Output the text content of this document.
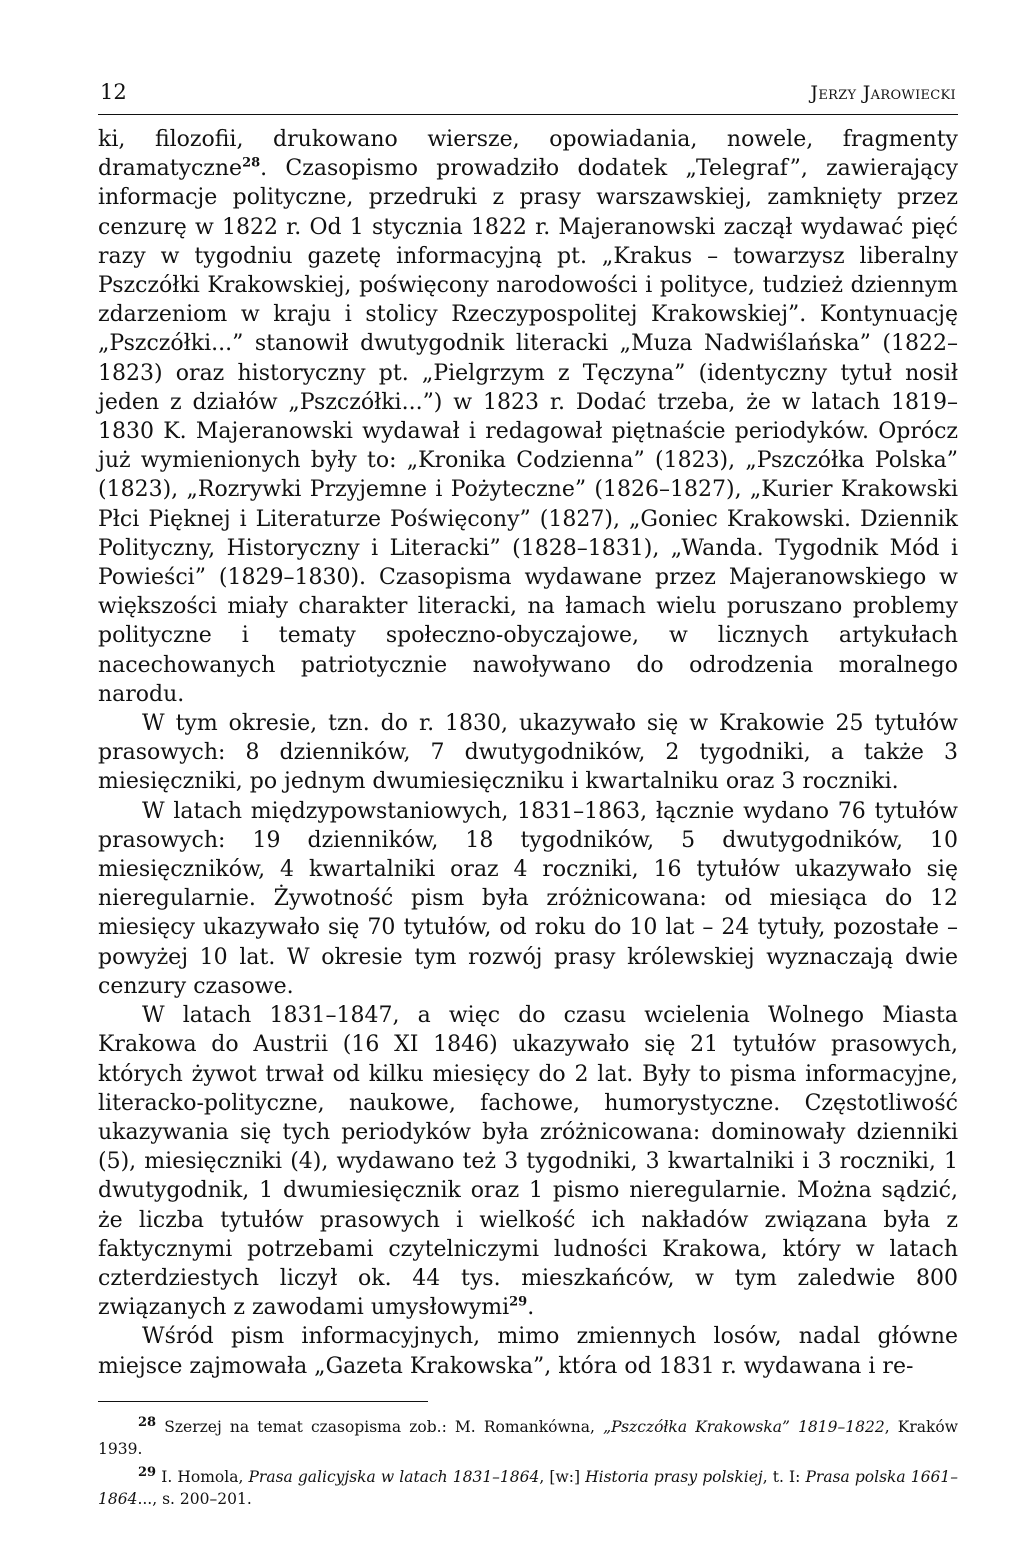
12	Jerzy Jarowiecki

ki, filozofii, drukowano wiersze, opowiadania, nowele, fragmenty dramatyczne$^{28}$. Czasopismo prowadziło dodatek „Telegraf”, zawierający informacje polityczne, przedruki z prasy warszawskiej, zamknięty przez cenzurę w 1822 r. Od 1 stycznia 1822 r. Majeranowski zaczął wydawać pięć razy w tygodniu gazetę informacyjną pt. „Krakus – towarzysz liberalny Pszczółki Krakowskiej, poświęcony narodowości i polityce, tudzież dziennym zdarzeniom w kraju i stolicy Rzeczypospolitej Krakowskiej”. Kontynuację „Pszczółki...” stanowił dwutygodnik literacki „Muza Nadwiślańska” (1822–1823) oraz historyczny pt. „Pielgrzym z Tęczyna” (identyczny tytuł nosił jeden z działów „Pszczółki...”) w 1823 r. Dodać trzeba, że w latach 1819–1830 K. Majeranowski wydawał i redagował piętnaście periodyków. Oprócz już wymienionych były to: „Kronika Codzienna” (1823), „Pszczółka Polska” (1823), „Rozrywki Przyjemne i Pożyteczne” (1826–1827), „Kurier Krakowski Płci Pięknej i Literaturze Poświęcony” (1827), „Goniec Krakowski. Dziennik Polityczny, Historyczny i Literacki” (1828–1831), „Wanda. Tygodnik Mód i Powieści” (1829–1830). Czasopisma wydawane przez Majeranowskiego w większości miały charakter literacki, na łamach wielu poruszano problemy polityczne i tematy społeczno-obyczajowe, w licznych artykułach nacechowanych patriotycznie nawoływano do odrodzenia moralnego narodu.

W tym okresie, tzn. do r. 1830, ukazywało się w Krakowie 25 tytułów prasowych: 8 dzienników, 7 dwutygodników, 2 tygodniki, a także 3 miesięczniki, po jednym dwumiesięczniku i kwartalniku oraz 3 roczniki.

W latach międzypowstaniowych, 1831–1863, łącznie wydano 76 tytułów prasowych: 19 dzienników, 18 tygodników, 5 dwutygodników, 10 miesięczników, 4 kwartalniki oraz 4 roczniki, 16 tytułów ukazywało się nieregularnie. Żywotność pism była zróżnicowana: od miesiąca do 12 miesięcy ukazywało się 70 tytułów, od roku do 10 lat – 24 tytuły, pozostałe – powyżej 10 lat. W okresie tym rozwój prasy królewskiej wyznaczają dwie cenzury czasowe.

W latach 1831–1847, a więc do czasu wcielenia Wolnego Miasta Krakowa do Austrii (16 XI 1846) ukazywało się 21 tytułów prasowych, których żywot trwał od kilku miesięcy do 2 lat. Były to pisma informacyjne, literacko-polityczne, naukowe, fachowe, humorystyczne. Częstotliwość ukazywania się tych periodyków była zróżnicowana: dominowały dzienniki (5), miesięczniki (4), wydawano też 3 tygodniki, 3 kwartalniki i 3 roczniki, 1 dwutygodnik, 1 dwumiesięcznik oraz 1 pismo nieregularnie. Można sądzić, że liczba tytułów prasowych i wielkość ich nakładów związana była z faktycznymi potrzebami czytelniczymi ludności Krakowa, który w latach czterdziestych liczył ok. 44 tys. mieszkańców, w tym zaledwie 800 związanych z zawodami umysłowymi$^{29}$.

Wśród pism informacyjnych, mimo zmiennych losów, nadal główne miejsce zajmowała „Gazeta Krakowska”, która od 1831 r. wydawana i re-

$^{28}$ Szerzej na temat czasopisma zob.: M. Romankówna, „Pszczółka Krakowska” 1819–1822, Kraków 1939.

$^{29}$ I. Homola, Prasa galicyjska w latach 1831–1864, [w:] Historia prasy polskiej, t. I: Prasa polska 1661–1864..., s. 200–201.
